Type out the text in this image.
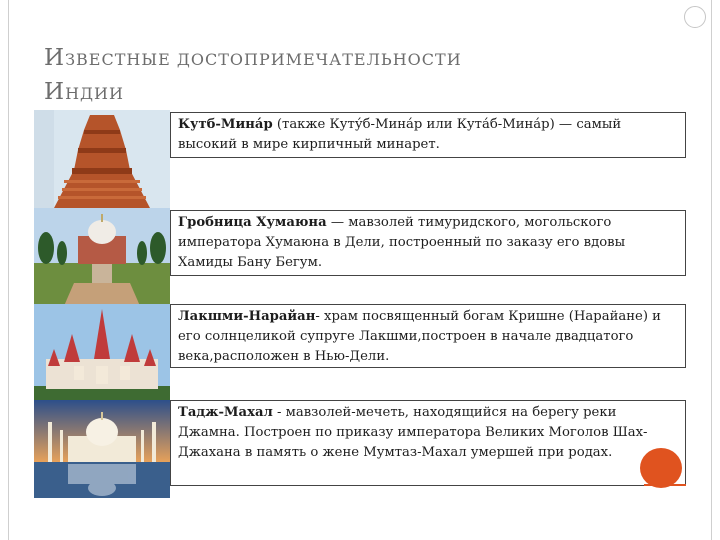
ИЗВЕСТНЫЕ ДОСТОПРИМЕЧАТЕЛЬНОСТИ
ИНДИИ
Кутб-Мина́р (также Куту́б-Мина́р или Кута́б-Мина́р) — самый высокий в мире кирпичный минарет.
Гробница Хумаюна — мавзолей тимуридского, могольского императора Хумаюна в Дели, построенный по заказу его вдовы Хамиды Бану Бегум.
Лакшми-Нарайан- храм посвященный богам Кришне (Нарайане) и его солнцеликой супруге Лакшми,построен в начале двадцатого века,расположен в Нью-Дели.
Тадж-Махал - мавзолей-мечеть, находящийся на берегу реки Джамна. Построен по приказу императора Великих Моголов Шах-Джахана в память о жене Мумтаз-Махал умершей при родах.
